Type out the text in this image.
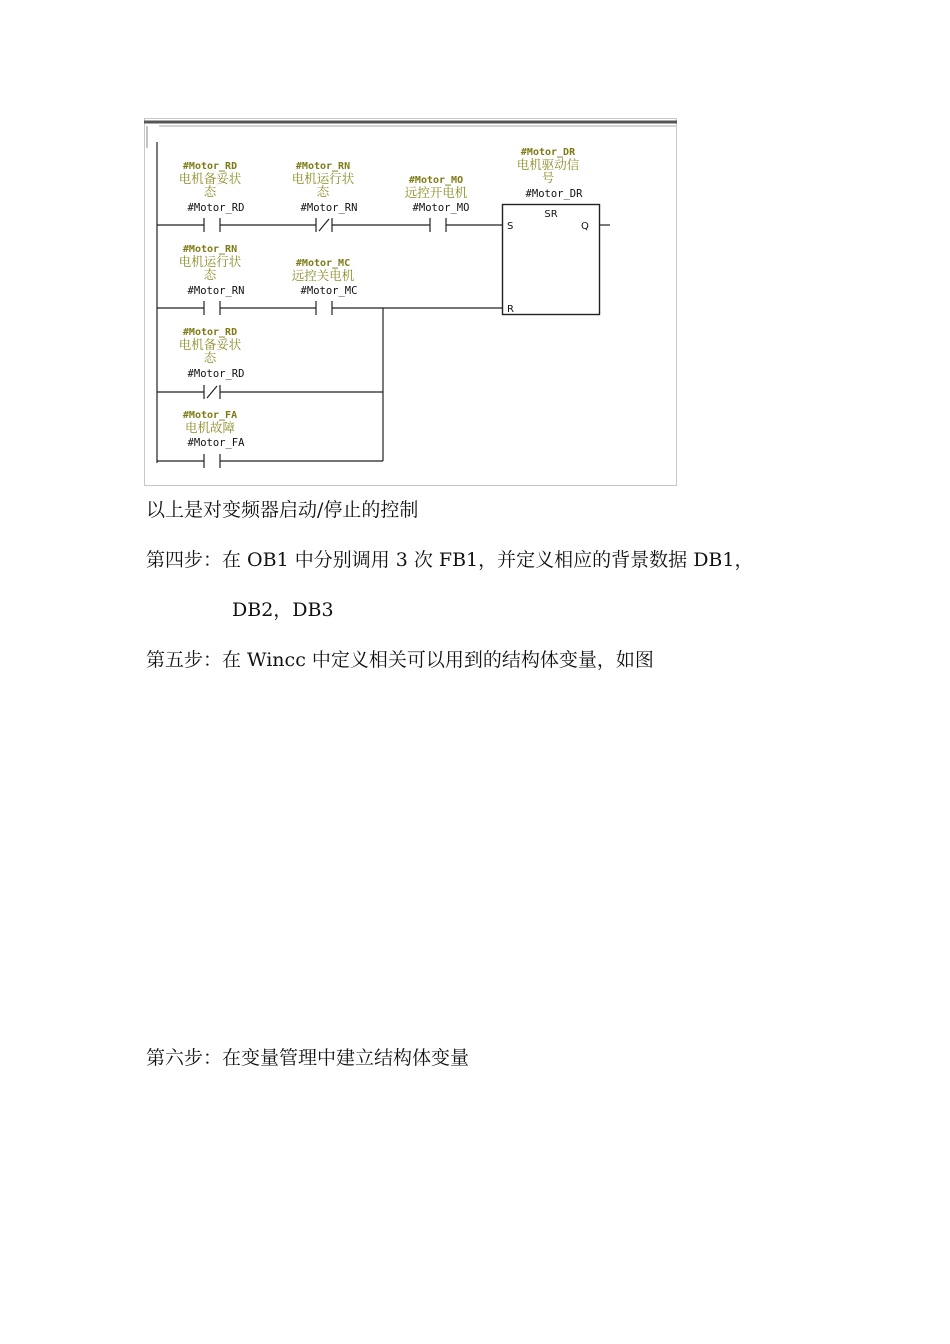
#Motor_RD
电机备妥状
态
#Motor_RD
#Motor_RN
电机运行状
态
#Motor_RN
#Motor_MO
远控开电机
#Motor_MO
#Motor_DR
电机驱动信
号
#Motor_DR
SR
S	Q
R
#Motor_RN
电机运行状
态
#Motor_RN
#Motor_MC
远控关电机
#Motor_MC
#Motor_RD
电机备妥状
态
#Motor_RD
#Motor_FA
电机故障
#Motor_FA
以上是对变频器启动/停止的控制
第四步：在 OB1 中分别调用 3 次 FB1，并定义相应的背景数据 DB1，
DB2，DB3
第五步：在 Wincc 中定义相关可以用到的结构体变量，如图
第六步：在变量管理中建立结构体变量
